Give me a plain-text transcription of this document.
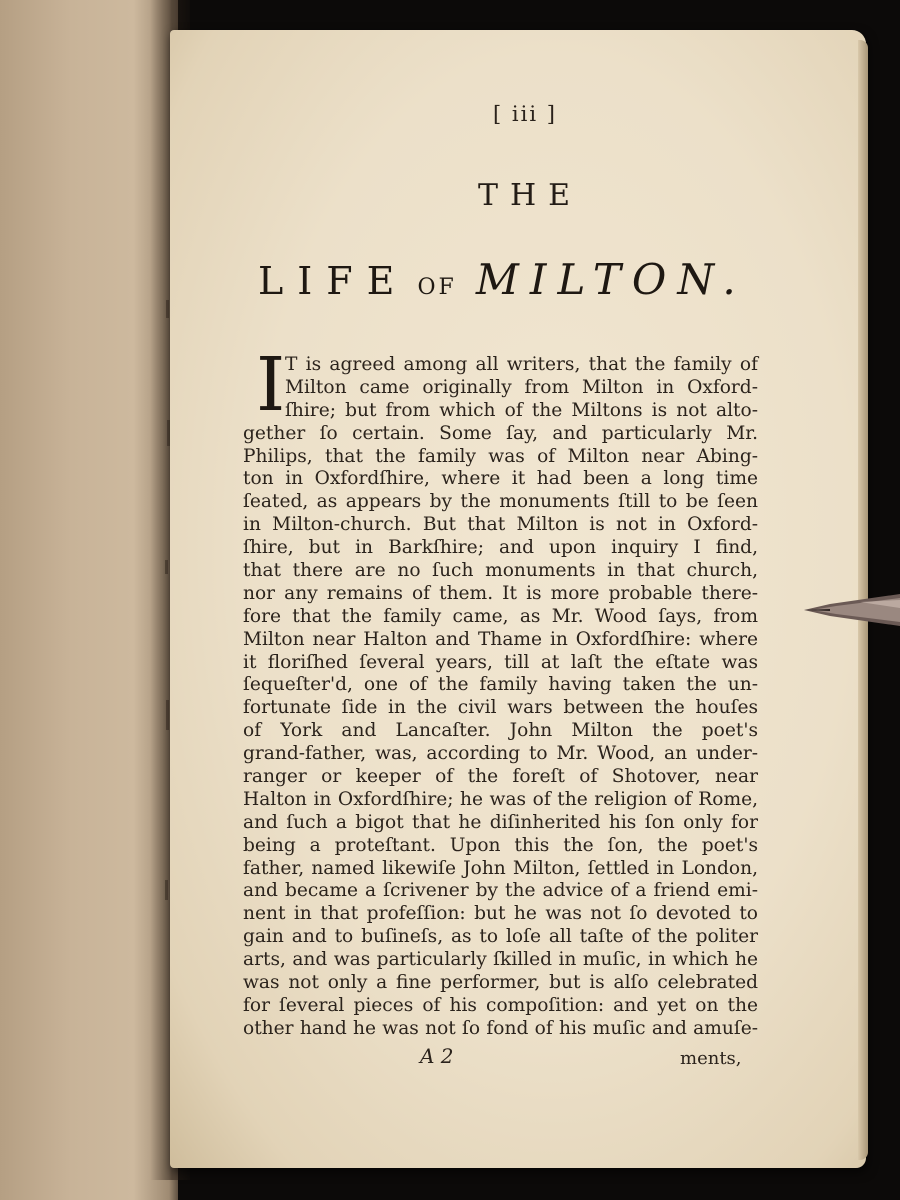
[ iii ]
THE
LIFE OF MILTON.
I T is agreed among all writers, that the family of
Milton came originally from Milton in Oxford-
ſhire; but from which of the Miltons is not alto-
gether ſo certain. Some ſay, and particularly Mr.
Philips, that the family was of Milton near Abing-
ton in Oxfordſhire, where it had been a long time
ſeated, as appears by the monuments ſtill to be ſeen
in Milton-church. But that Milton is not in Oxford-
ſhire, but in Barkſhire; and upon inquiry I find,
that there are no ſuch monuments in that church,
nor any remains of them. It is more probable there-
fore that the family came, as Mr. Wood ſays, from
Milton near Halton and Thame in Oxfordſhire: where
it floriſhed ſeveral years, till at laſt the eſtate was
ſequeſter'd, one of the family having taken the un-
fortunate ſide in the civil wars between the houſes
of York and Lancaſter. John Milton the poet's
grand-father, was, according to Mr. Wood, an under-
ranger or keeper of the foreſt of Shotover, near
Halton in Oxfordſhire; he was of the religion of Rome,
and ſuch a bigot that he diſinherited his ſon only for
being a proteſtant. Upon this the ſon, the poet's
father, named likewiſe John Milton, ſettled in London,
and became a ſcrivener by the advice of a friend emi-
nent in that profeſſion: but he was not ſo devoted to
gain and to buſineſs, as to loſe all taſte of the politer
arts, and was particularly ſkilled in muſic, in which he
was not only a fine performer, but is alſo celebrated
for ſeveral pieces of his compoſition: and yet on the
other hand he was not ſo fond of his muſic and amuſe-
A 2	ments,
